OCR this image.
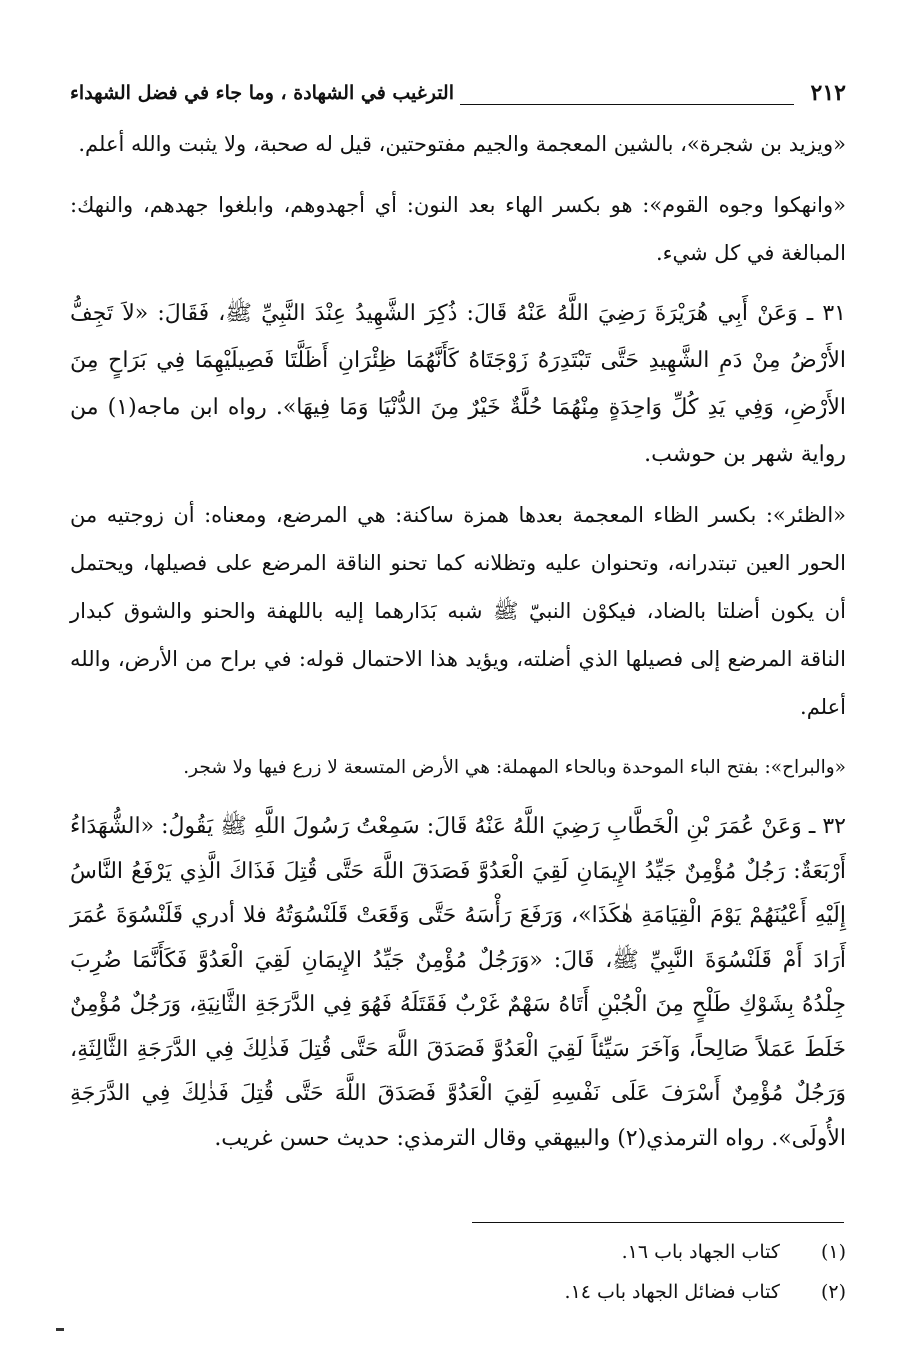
٢١٢
الترغيب في الشهادة ، وما جاء في فضل الشهداء

«ويزيد بن شجرة»، بالشين المعجمة والجيم مفتوحتين، قيل له صحبة، ولا يثبت والله أعلم.

«وانهكوا وجوه القوم»: هو بكسر الهاء بعد النون: أي أجهدوهم، وابلغوا جهدهم، والنهك: المبالغة في كل شيء.

٣١ ـ وَعَنْ أَبِي هُرَيْرَةَ رَضِيَ اللَّهُ عَنْهُ قَالَ: ذُكِرَ الشَّهِيدُ عِنْدَ النَّبِيِّ ﷺ، فَقَالَ: «لاَ تَجِفُّ الأَرْضُ مِنْ دَمِ الشَّهِيدِ حَتَّى تَبْتَدِرَهُ زَوْجَتَاهُ كَأَنَّهُمَا ظِئْرَانِ أَظَلَّتَا فَصِيلَيْهِمَا فِي بَرَاحٍ مِنَ الأَرْضِ، وَفِي يَدِ كُلِّ وَاحِدَةٍ مِنْهُمَا حُلَّةٌ خَيْرٌ مِنَ الدُّنْيَا وَمَا فِيهَا». رواه ابن ماجه(١) من رواية شهر بن حوشب.

«الظئر»: بكسر الظاء المعجمة بعدها همزة ساكنة: هي المرضع، ومعناه: أن زوجتيه من الحور العين تبتدرانه، وتحنوان عليه وتظلانه كما تحنو الناقة المرضع على فصيلها، ويحتمل أن يكون أضلتا بالضاد، فيكوْن النبيّ ﷺ شبه بَدَارهما إليه باللهفة والحنو والشوق كبدار الناقة المرضع إلى فصيلها الذي أضلته، ويؤيد هذا الاحتمال قوله: في براح من الأرض، والله أعلم.

«والبراح»: بفتح الباء الموحدة وبالحاء المهملة: هي الأرض المتسعة لا زرع فيها ولا شجر.

٣٢ ـ وَعَنْ عُمَرَ بْنِ الْخَطَّابِ رَضِيَ اللَّهُ عَنْهُ قَالَ: سَمِعْتُ رَسُولَ اللَّهِ ﷺ يَقُولُ: «الشُّهَدَاءُ أَرْبَعَةٌ: رَجُلٌ مُؤْمِنٌ جَيِّدُ الإِيمَانِ لَقِيَ الْعَدُوَّ فَصَدَقَ اللَّهَ حَتَّى قُتِلَ فَذَاكَ الَّذِي يَرْفَعُ النَّاسُ إِلَيْهِ أَعْيُنَهُمْ يَوْمَ الْقِيَامَةِ هٰكَذَا»، وَرَفَعَ رَأْسَهُ حَتَّى وَقَعَتْ قَلَنْسُوَتُهُ فلا أدري قَلَنْسُوَةَ عُمَرَ أَرَادَ أَمْ قَلَنْسُوَةَ النَّبِيِّ ﷺ، قَالَ: «وَرَجُلٌ مُؤْمِنٌ جَيِّدُ الإِيمَانِ لَقِيَ الْعَدُوَّ فَكَأَنَّمَا ضُرِبَ جِلْدُهُ بِشَوْكِ طَلْحٍ مِنَ الْجُبْنِ أَتَاهُ سَهْمٌ غَرْبٌ فَقَتَلَهُ فَهُوَ فِي الدَّرَجَةِ الثَّانِيَةِ، وَرَجُلٌ مُؤْمِنٌ خَلَطَ عَمَلاً صَالِحاً، وَآخَرَ سَيِّئاً لَقِيَ الْعَدُوَّ فَصَدَقَ اللَّهَ حَتَّى قُتِلَ فَذٰلِكَ فِي الدَّرَجَةِ الثَّالِثَةِ، وَرَجُلٌ مُؤْمِنٌ أَسْرَفَ عَلَى نَفْسِهِ لَقِيَ الْعَدُوَّ فَصَدَقَ اللَّهَ حَتَّى قُتِلَ فَذٰلِكَ فِي الدَّرَجَةِ الأُولَى». رواه الترمذي(٢) والبيهقي وقال الترمذي: حديث حسن غريب.

(١) كتاب الجهاد باب ١٦.
(٢) كتاب فضائل الجهاد باب ١٤.
